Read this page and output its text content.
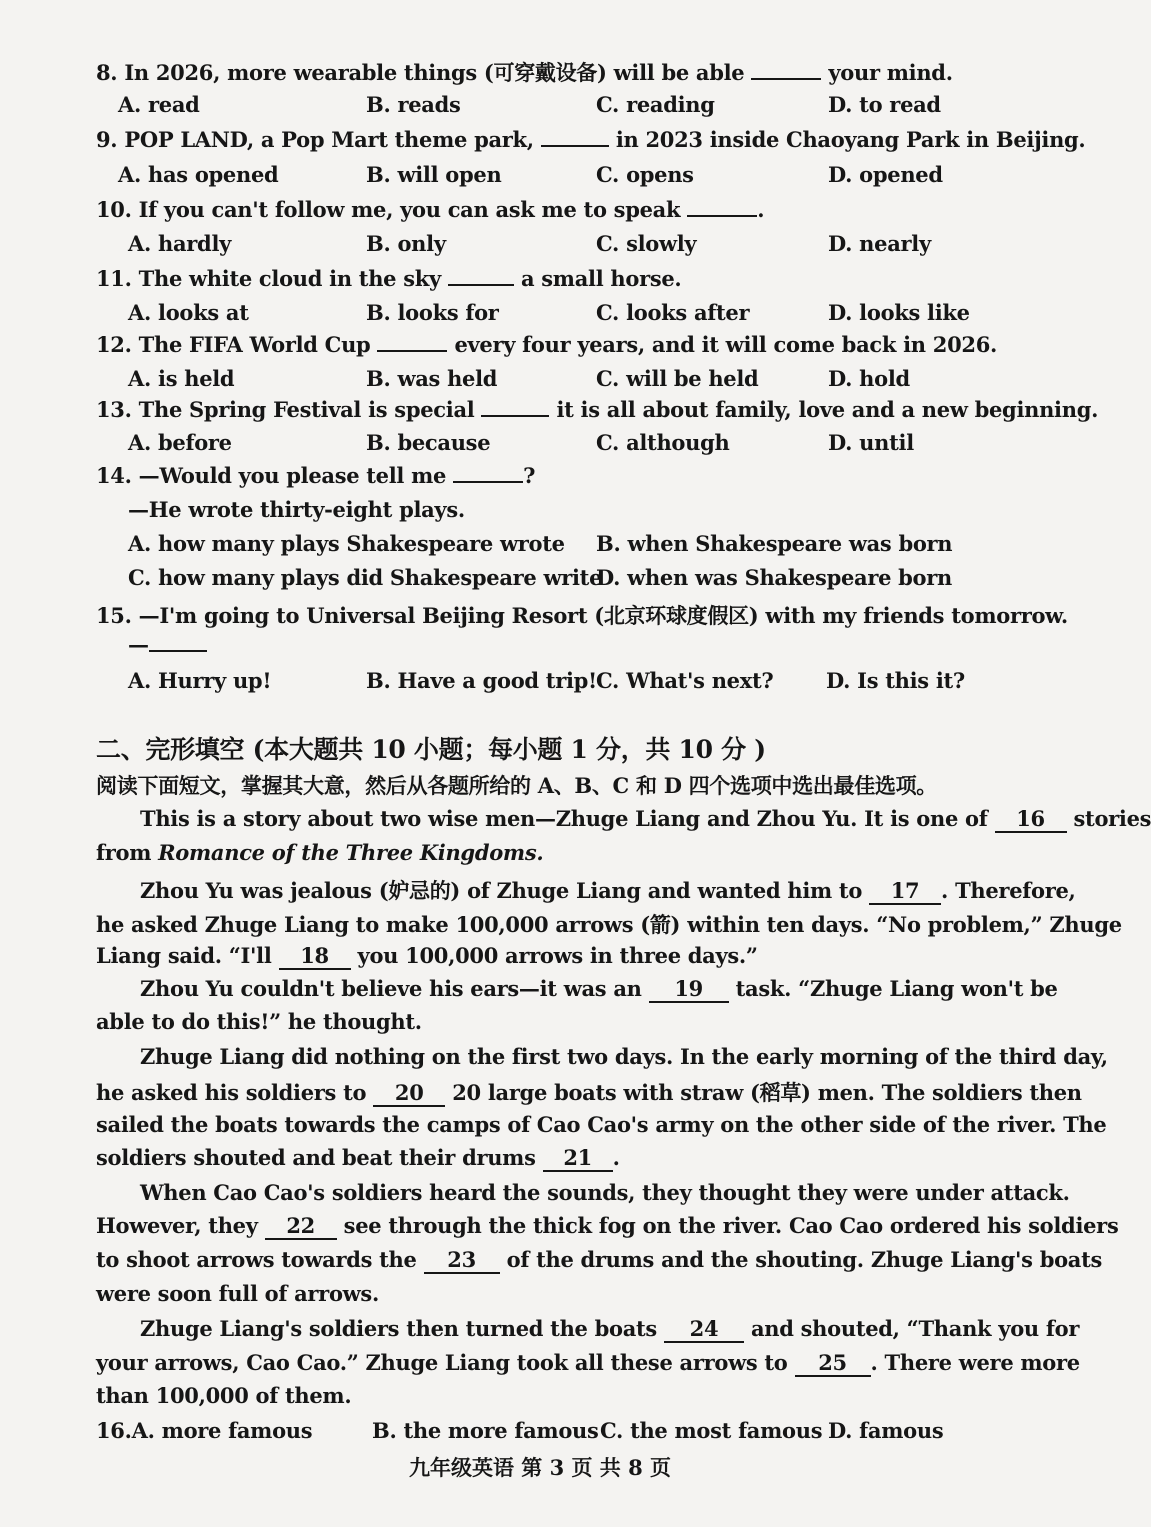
8. In 2026, more wearable things (可穿戴设备) will be able	your mind.
A. read	B. reads	C. reading	D. to read
9. POP LAND, a Pop Mart theme park,	in 2023 inside Chaoyang Park in Beijing.
A. has opened	B. will open	C. opens	D. opened
10. If you can't follow me, you can ask me to speak	.
A. hardly	B. only	C. slowly	D. nearly
11. The white cloud in the sky	a small horse.
A. looks at	B. looks for	C. looks after	D. looks like
12. The FIFA World Cup	every four years, and it will come back in 2026.
A. is held	B. was held	C. will be held	D. hold
13. The Spring Festival is special	it is all about family, love and a new beginning.
A. before	B. because	C. although	D. until
14. —Would you please tell me	?
—He wrote thirty-eight plays.
A. how many plays Shakespeare wrote B. when Shakespeare was born
C. how many plays did Shakespeare write
D. when was Shakespeare born
15. —I'm going to Universal Beijing Resort (北京环球度假区) with my friends tomorrow.
—
A. Hurry up!	B. Have a good trip! C. What's next?	D. Is this it?
二、完形填空 (本大题共 10 小题；每小题 1 分，共 10 分 )
阅读下面短文，掌握其大意，然后从各题所给的 A、B、C 和 D 四个选项中选出最佳选项。
This is a story about two wise men—Zhuge Liang and Zhou Yu. It is one of 16 stories
from Romance of the Three Kingdoms.
Zhou Yu was jealous (妒忌的) of Zhuge Liang and wanted him to 17 . Therefore,
he asked Zhuge Liang to make 100,000 arrows (箭) within ten days. “No problem,” Zhuge
Liang said. “I'll 18 you 100,000 arrows in three days.”
Zhou Yu couldn't believe his ears—it was an 19 task. “Zhuge Liang won't be
able to do this!” he thought.
Zhuge Liang did nothing on the first two days. In the early morning of the third day,
he asked his soldiers to 20 20 large boats with straw (稻草) men. The soldiers then
sailed the boats towards the camps of Cao Cao's army on the other side of the river. The
soldiers shouted and beat their drums 21 .
When Cao Cao's soldiers heard the sounds, they thought they were under attack.
However, they 22 see through the thick fog on the river. Cao Cao ordered his soldiers
to shoot arrows towards the 23 of the drums and the shouting. Zhuge Liang's boats
were soon full of arrows.
Zhuge Liang's soldiers then turned the boats 24 and shouted, “Thank you for
your arrows, Cao Cao.” Zhuge Liang took all these arrows to 25 . There were more
than 100,000 of them.
16.A. more famous	B. the more famous C. the most famous D. famous
九年级英语 第 3 页 共 8 页
